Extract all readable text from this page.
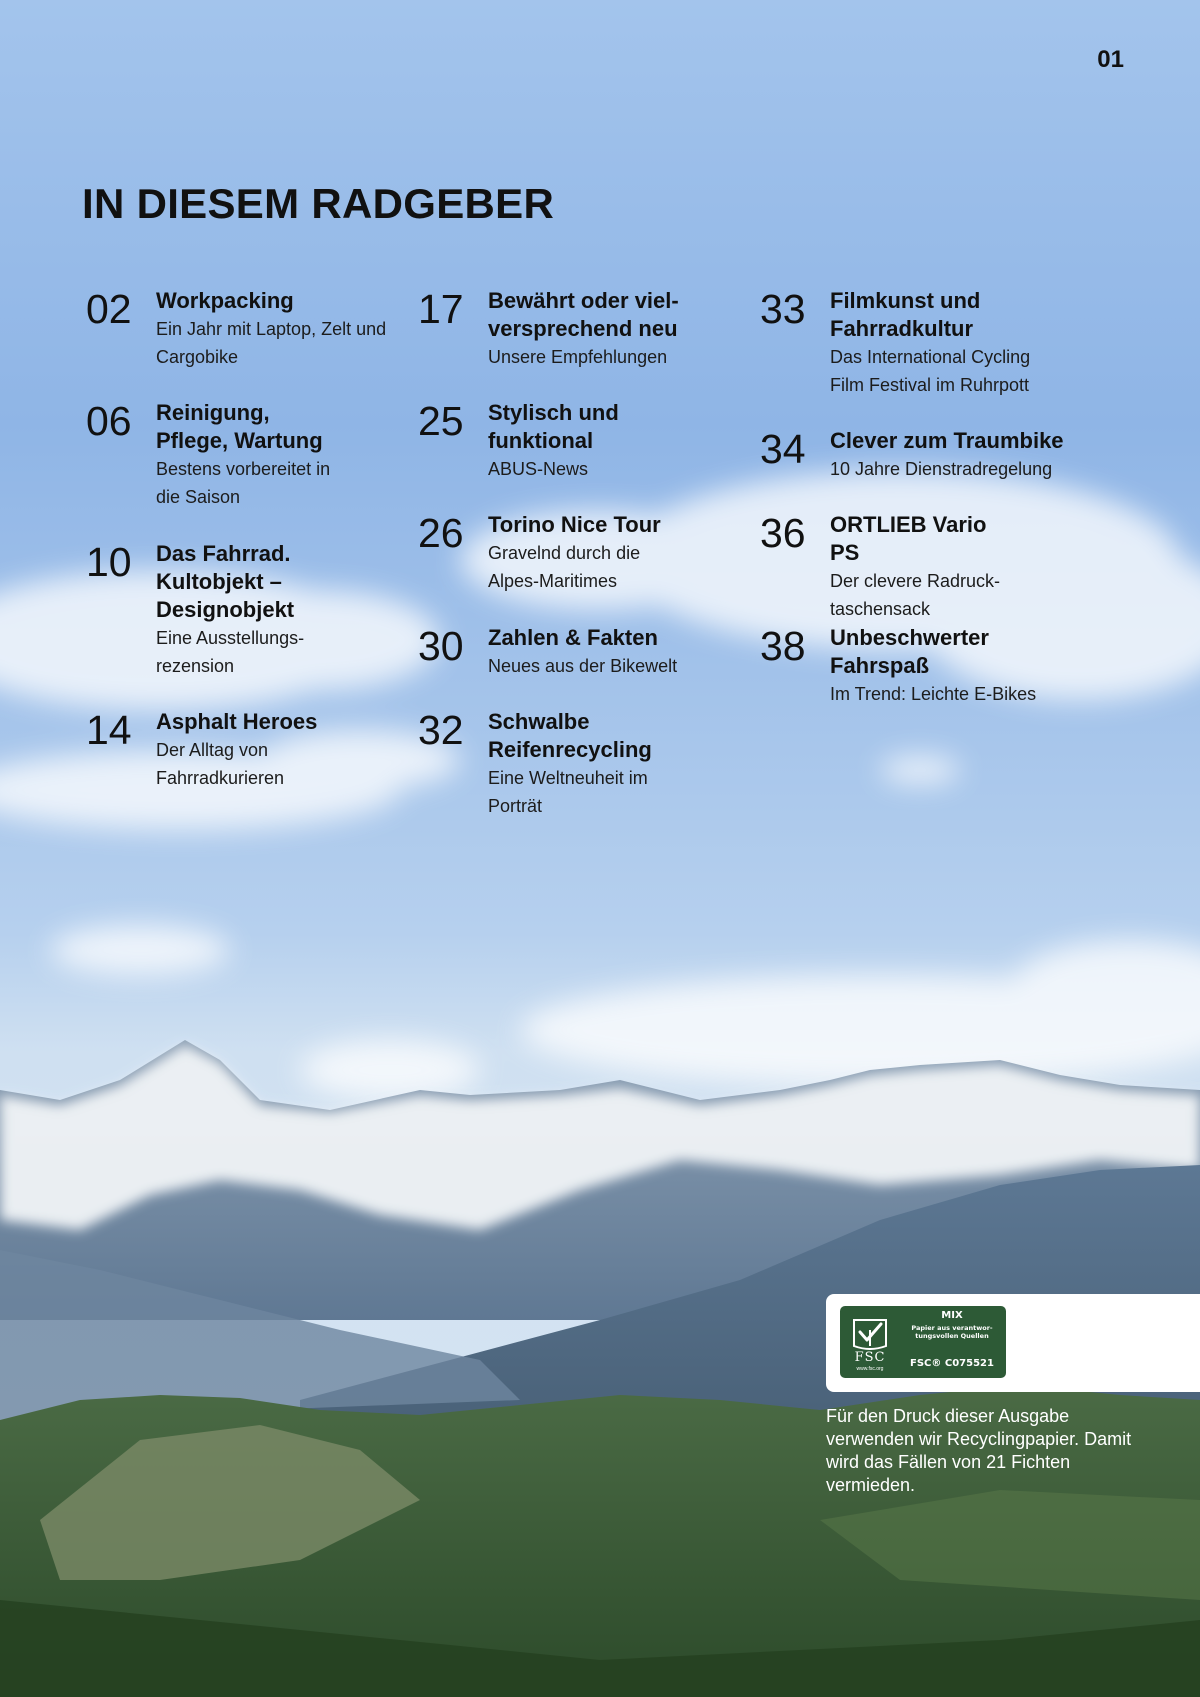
01
IN DIESEM RADGEBER
02	Workpacking
Ein Jahr mit Laptop, Zelt und Cargobike
06	Reinigung, Pflege, Wartung
Bestens vorbereitet in die Saison
10	Das Fahrrad. Kultobjekt – Designobjekt
Eine Ausstellungs-rezension
14	Asphalt Heroes
Der Alltag von Fahrradkurieren
17	Bewährt oder viel-versprechend neu
Unsere Empfehlungen
25	Stylisch und funktional
ABUS-News
26	Torino Nice Tour
Gravelnd durch die Alpes-Maritimes
30	Zahlen & Fakten
Neues aus der Bikewelt
32	Schwalbe Reifenrecycling
Eine Weltneuheit im Porträt
33	Filmkunst und Fahrradkultur
Das International Cycling Film Festival im Ruhrpott
34	Clever zum Traumbike
10 Jahre Dienstradregelung
36	ORTLIEB Vario PS
Der clevere Radruck-taschensack
38	Unbeschwerter Fahrspaß
Im Trend: Leichte E-Bikes
FSC
www.fsc.org
MIX
Papier aus verantwor-tungsvollen Quellen
FSC® C075521

Für den Druck dieser Ausgabe verwenden wir Recyclingpapier. Damit wird das Fällen von 21 Fichten vermieden.
